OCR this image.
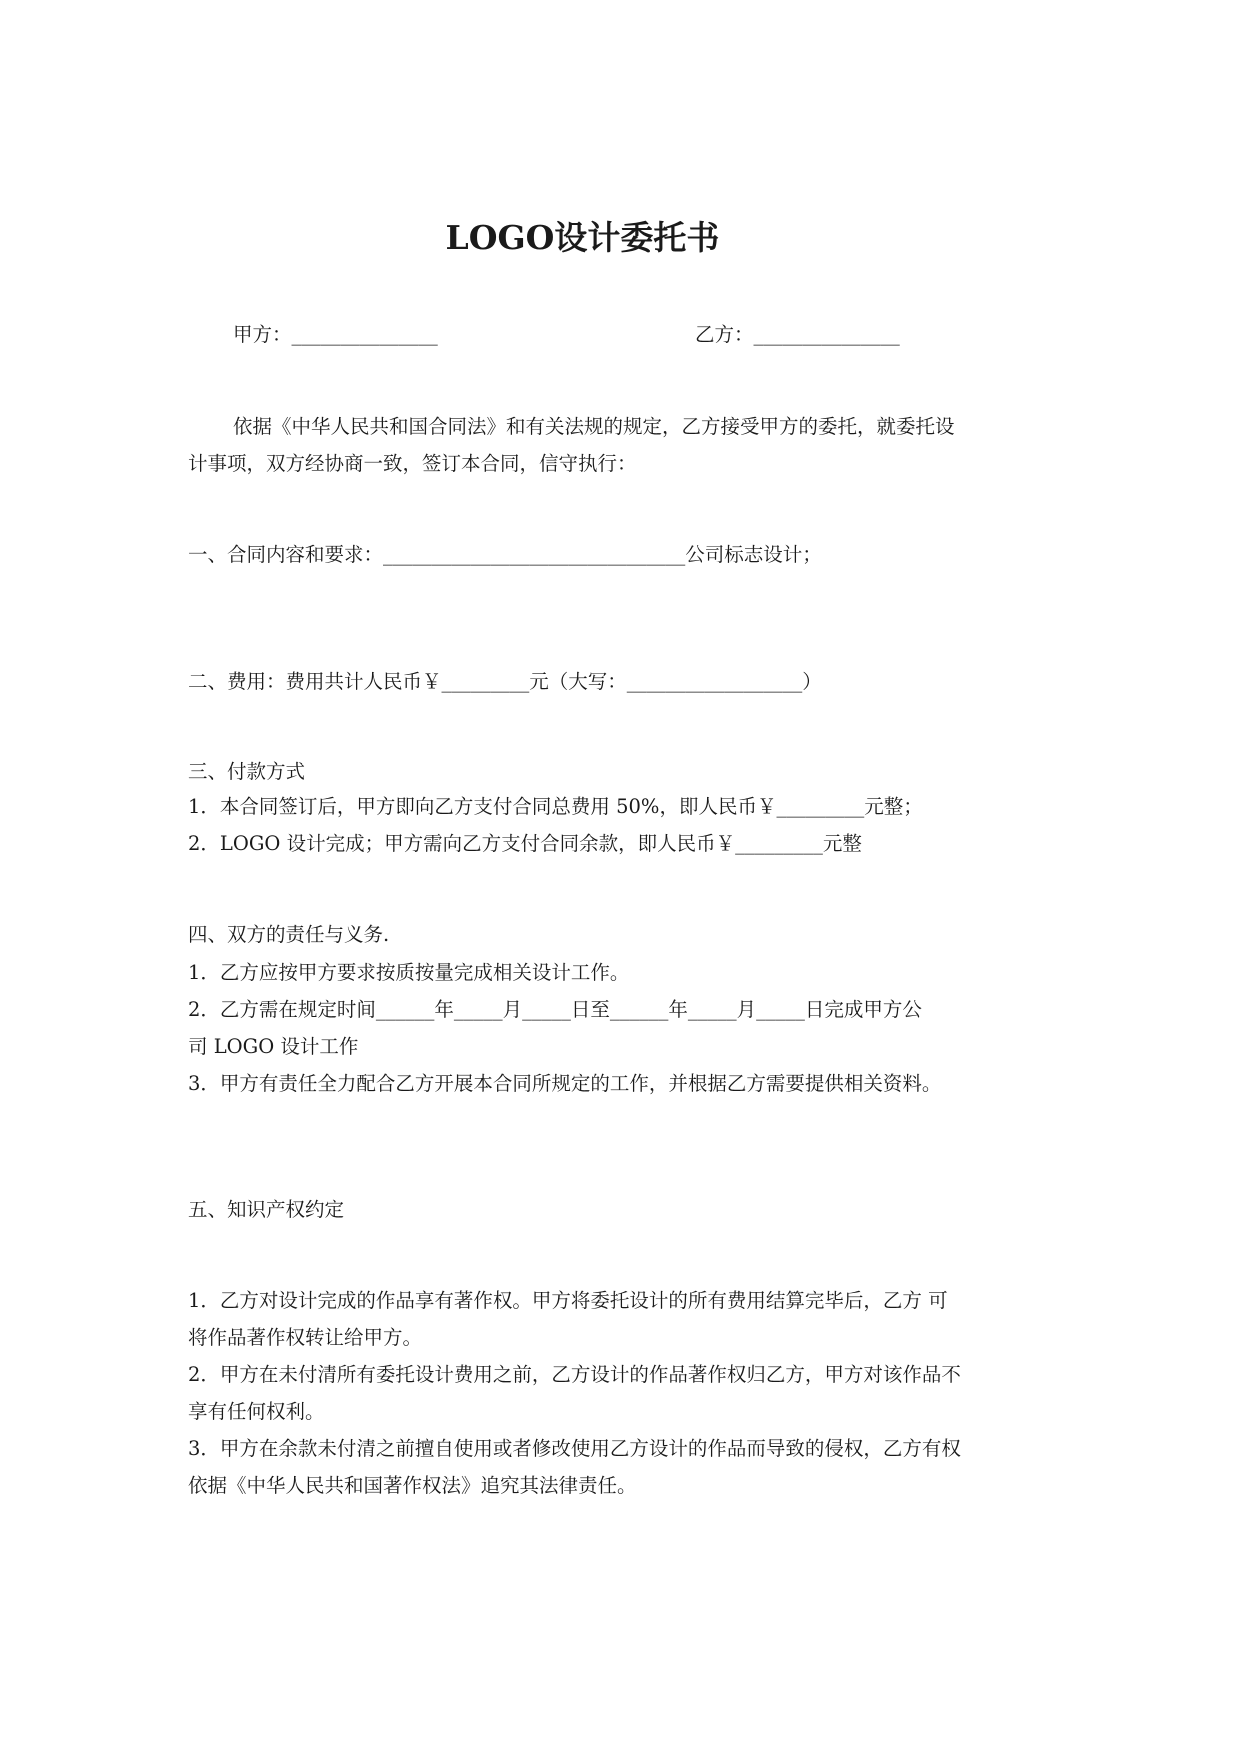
LOGO设计委托书
甲方：_______________	乙方：_______________
依据《中华人民共和国合同法》和有关法规的规定，乙方接受甲方的委托，就委托设
计事项，双方经协商一致，签订本合同，信守执行：
一、合同内容和要求：_______________________________公司标志设计；
二、费用：费用共计人民币￥_________元（大写：__________________）
三、付款方式
1．本合同签订后，甲方即向乙方支付合同总费用 50%，即人民币￥_________元整；
2．LOGO 设计完成；甲方需向乙方支付合同余款，即人民币￥_________元整
四、双方的责任与义务.
1．乙方应按甲方要求按质按量完成相关设计工作。
2．乙方需在规定时间______年_____月_____日至______年_____月_____日完成甲方公
司 LOGO 设计工作
3．甲方有责任全力配合乙方开展本合同所规定的工作，并根据乙方需要提供相关资料。
五、知识产权约定
1．乙方对设计完成的作品享有著作权。甲方将委托设计的所有费用结算完毕后，乙方 可
将作品著作权转让给甲方。
2．甲方在未付清所有委托设计费用之前，乙方设计的作品著作权归乙方，甲方对该作品不
享有任何权利。
3．甲方在余款未付清之前擅自使用或者修改使用乙方设计的作品而导致的侵权，乙方有权
依据《中华人民共和国著作权法》追究其法律责任。
